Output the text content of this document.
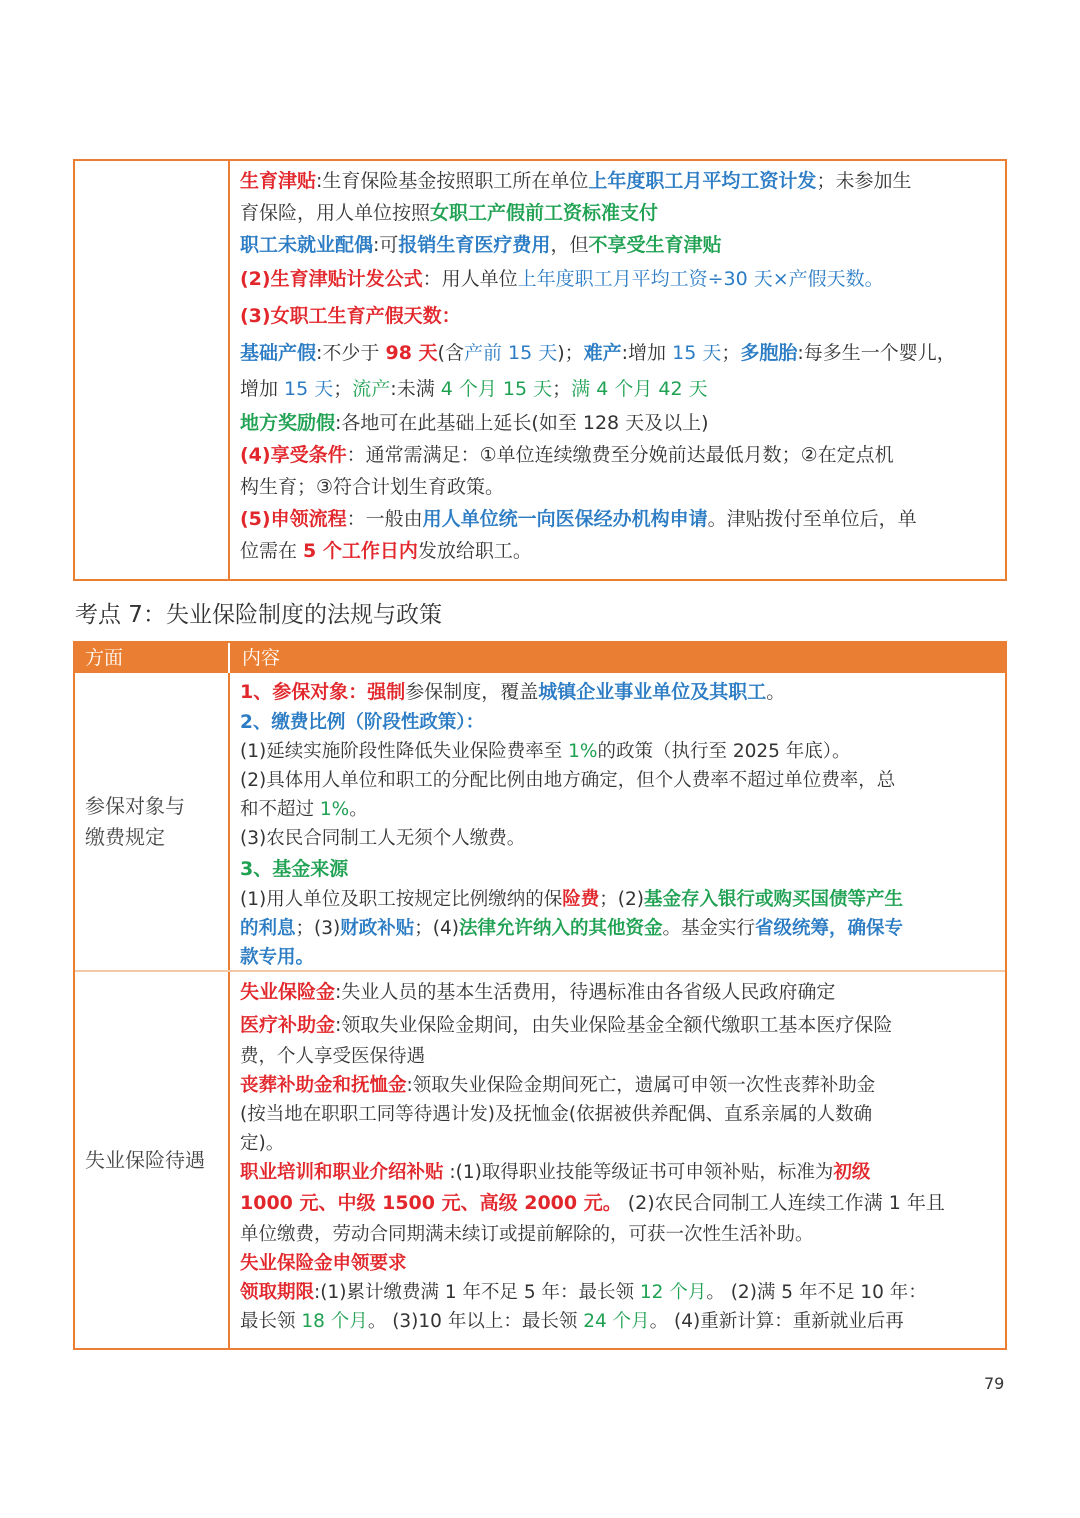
生育津贴:生育保险基金按照职工所在单位上年度职工月平均工资计发；未参加生
育保险，用人单位按照女职工产假前工资标准支付
职工未就业配偶:可报销生育医疗费用，但不享受生育津贴
(2)生育津贴计发公式：用人单位上年度职工月平均工资÷30 天×产假天数。
(3)女职工生育产假天数：
基础产假:不少于 98 天(含产前 15 天)；难产:增加 15 天；多胞胎:每多生一个婴儿，
增加 15 天；流产:未满 4 个月 15 天；满 4 个月 42 天
地方奖励假:各地可在此基础上延长(如至 128 天及以上)
(4)享受条件：通常需满足：①单位连续缴费至分娩前达最低月数；②在定点机
构生育；③符合计划生育政策。
(5)申领流程：一般由用人单位统一向医保经办机构申请。津贴拨付至单位后，单
位需在 5 个工作日内发放给职工。
考点 7：失业保险制度的法规与政策
方面	内容
参保对象与
缴费规定
1、参保对象：强制参保制度，覆盖城镇企业事业单位及其职工。
2、缴费比例（阶段性政策）：
(1)延续实施阶段性降低失业保险费率至 1%的政策（执行至 2025 年底）。
(2)具体用人单位和职工的分配比例由地方确定，但个人费率不超过单位费率，总
和不超过 1%。
(3)农民合同制工人无须个人缴费。
3、基金来源
(1)用人单位及职工按规定比例缴纳的保险费；(2)基金存入银行或购买国债等产生
的利息；(3)财政补贴；(4)法律允许纳入的其他资金。基金实行省级统筹，确保专
款专用。
失业保险待遇
失业保险金:失业人员的基本生活费用，待遇标准由各省级人民政府确定
医疗补助金:领取失业保险金期间，由失业保险基金全额代缴职工基本医疗保险
费，个人享受医保待遇
丧葬补助金和抚恤金:领取失业保险金期间死亡，遗属可申领一次性丧葬补助金
(按当地在职职工同等待遇计发)及抚恤金(依据被供养配偶、直系亲属的人数确
定)。
职业培训和职业介绍补贴 :(1)取得职业技能等级证书可申领补贴，标准为初级
1000 元、中级 1500 元、高级 2000 元。 (2)农民合同制工人连续工作满 1 年且
单位缴费，劳动合同期满未续订或提前解除的，可获一次性生活补助。
失业保险金申领要求
领取期限:(1)累计缴费满 1 年不足 5 年：最长领 12 个月。 (2)满 5 年不足 10 年：
最长领 18 个月。 (3)10 年以上：最长领 24 个月。 (4)重新计算：重新就业后再
79
